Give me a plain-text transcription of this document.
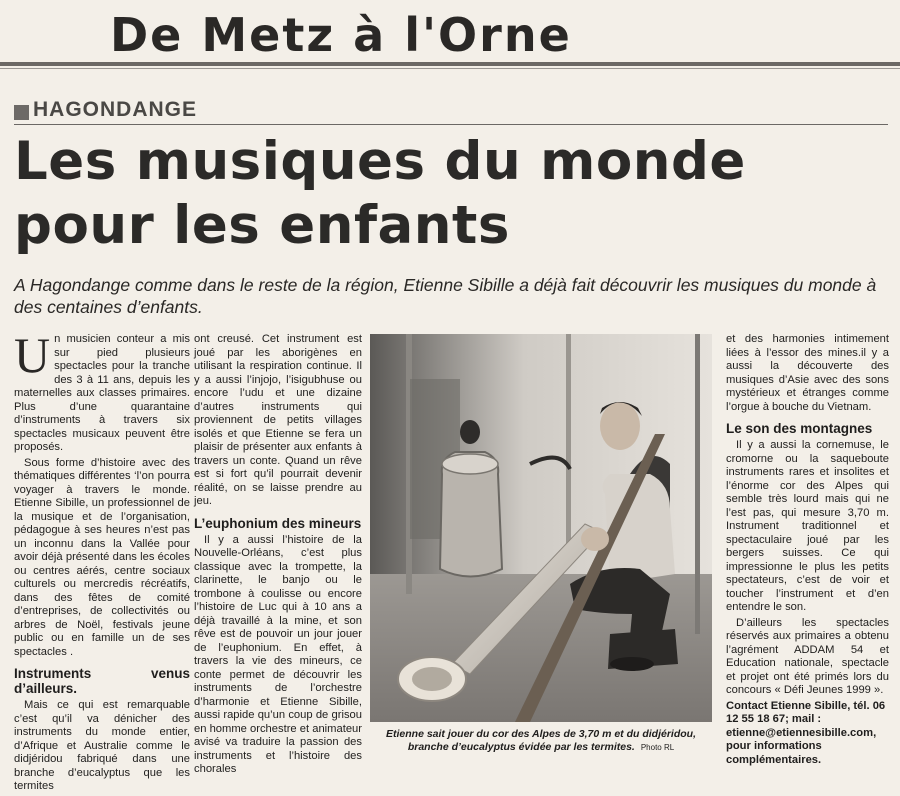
De Metz à l'Orne
HAGONDANGE
Les musiques du monde
pour les enfants
A Hagondange comme dans le reste de la région, Etienne Sibille a déjà fait découvrir les musiques du monde à des centaines d’enfants.

Un musicien conteur a mis sur pied plusieurs spectacles pour la tranche des 3 à 11 ans, depuis les maternelles aux classes primaires. Plus d’une quarantaine d’instruments à travers six spectacles musicaux peuvent être proposés.

Sous forme d’histoire avec des thématiques différentes ‘l’on pourra voyager à travers le monde. Etienne Sibille, un professionnel de la musique et de l’organisation, pédagogue à ses heures n’est pas un inconnu dans la Vallée pour avoir déjà présenté dans les écoles ou centres aérés, centre sociaux culturels ou mercredis récréatifs, dans des fêtes de comité d’entreprises, de collectivités ou arbres de Noël, festivals jeune public ou en famille un de ses spectacles .

Instruments venus d’ailleurs.

Mais ce qui est remarquable c’est qu’il va dénicher des instruments du monde entier, d’Afrique et Australie comme le didjéridou fabriqué dans une branche d’eucalyptus que les termites

ont creusé. Cet instrument est joué par les aborigènes en utilisant la respiration continue. Il y a aussi l’injojo, l’isigubhuse ou encore l’udu et une dizaine d’autres instruments qui proviennent de petits villages isolés et que Etienne se fera un plaisir de présenter aux enfants à travers un conte. Quand un rêve est si fort qu’il pourrait devenir réalité, on se laisse prendre au jeu.

L’euphonium des mineurs

Il y a aussi l’histoire de la Nouvelle-Orléans, c’est plus classique avec la trompette, la clarinette, le banjo ou le trombone à coulisse ou encore l’histoire de Luc qui à 10 ans a déjà travaillé à la mine, et son rêve est de pouvoir un jour jouer de l’euphonium. En effet, à travers la vie des mineurs, ce conte permet de découvrir les instruments de l’orchestre d’harmonie et Etienne Sibille, aussi rapide qu’un coup de grisou en homme orchestre et animateur avisé va traduire la passion des instruments et l’histoire des chorales

Etienne sait jouer du cor des Alpes de 3,70 m et du didjéridou, branche d’eucalyptus évidée par les termites. Photo RL

et des harmonies intimement liées à l’essor des mines.il y a aussi la découverte des musiques d’Asie avec des sons mystérieux et étranges comme l’orgue à bouche du Vietnam.

Le son des montagnes

Il y a aussi la cornemuse, le cromorne ou la saqueboute instruments rares et insolites et l’énorme cor des Alpes qui semble très lourd mais qui ne l’est pas, qui mesure 3,70 m. Instrument traditionnel et spectaculaire joué par les bergers suisses. Ce qui impressionne le plus les petits spectateurs, c’est de voir et toucher l’instrument et d’en entendre le son.

D’ailleurs les spectacles réservés aux primaires a obtenu l’agrément ADDAM 54 et Education nationale, spectacle et projet ont été primés lors du concours « Défi Jeunes 1999 ».

Contact Etienne Sibille, tél. 06 12 55 18 67; mail : etienne@etiennesibille.com, pour informations complémentaires.
